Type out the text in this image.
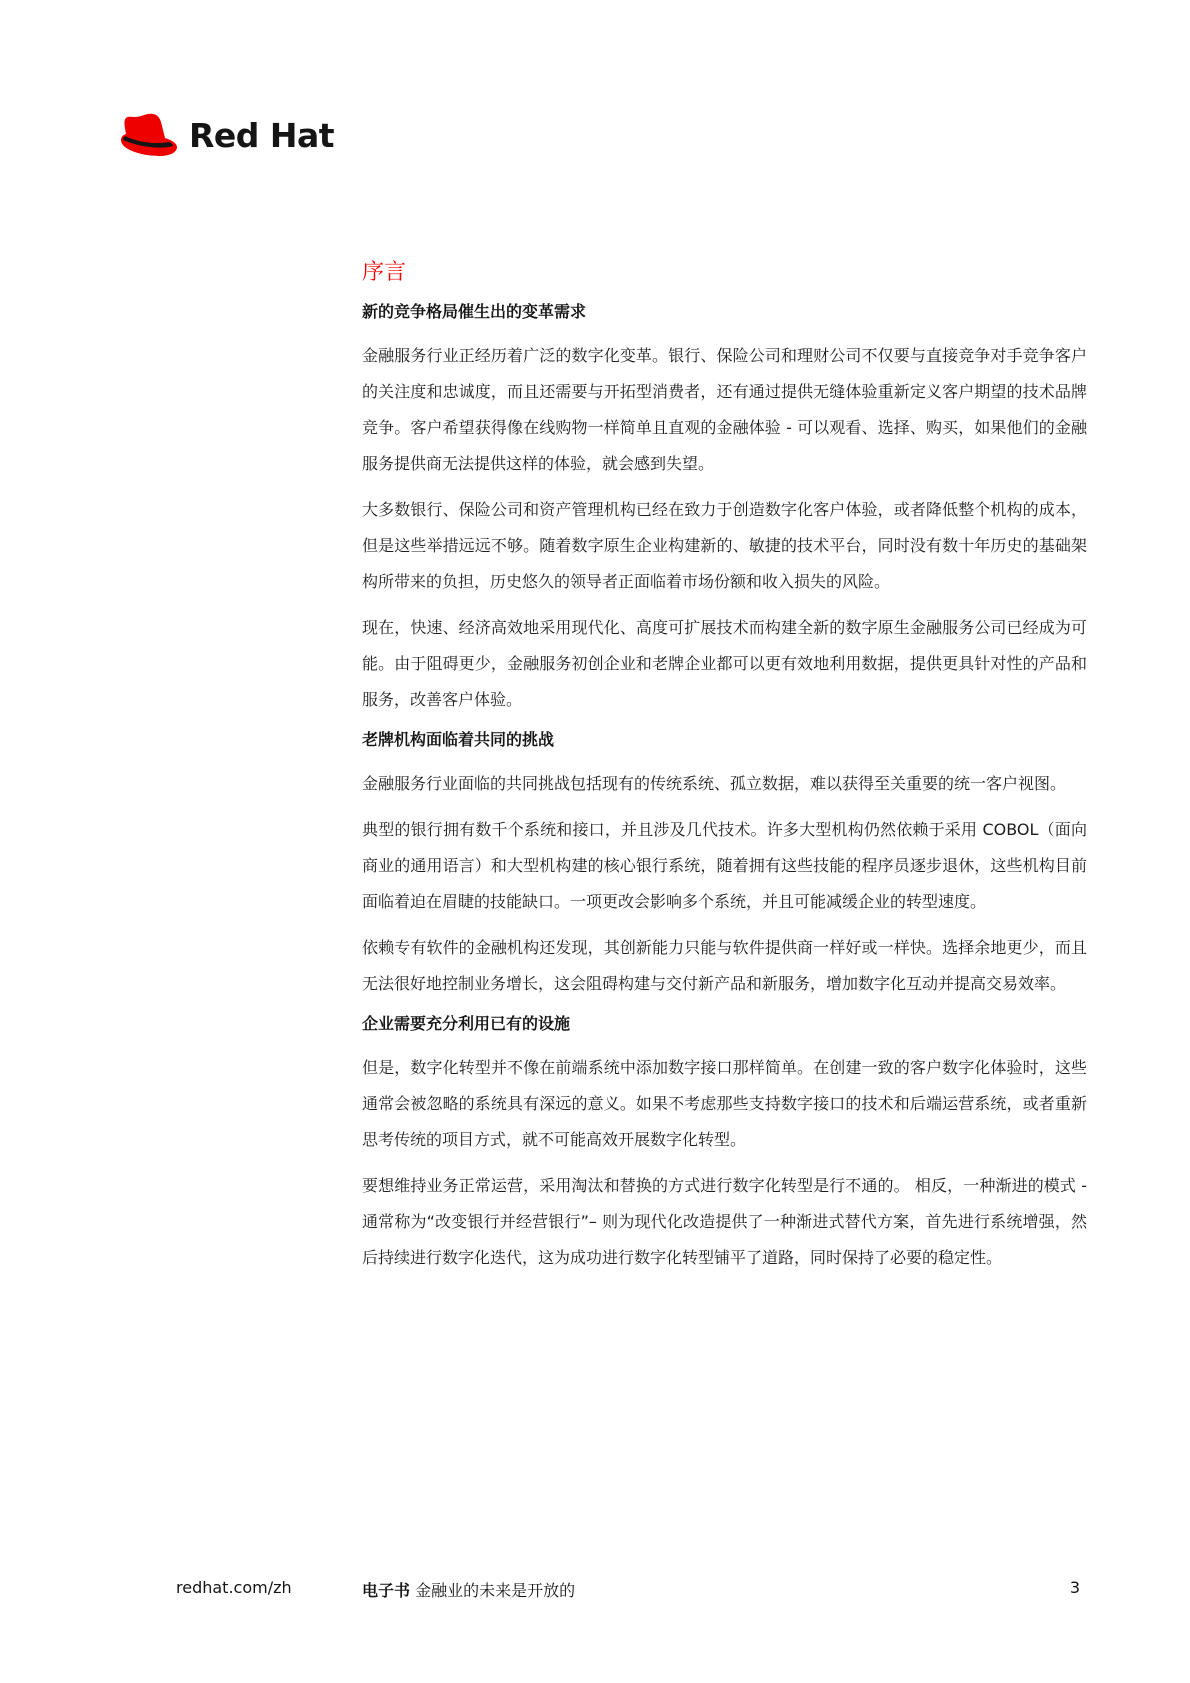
Red Hat
序言
新的竞争格局催生出的变革需求

金融服务行业正经历着广泛的数字化变革。银行、保险公司和理财公司不仅要与直接竞争对手竞争客户的关注度和忠诚度，而且还需要与开拓型消费者，还有通过提供无缝体验重新定义客户期望的技术品牌竞争。客户希望获得像在线购物一样简单且直观的金融体验 - 可以观看、选择、购买，如果他们的金融服务提供商无法提供这样的体验，就会感到失望。

大多数银行、保险公司和资产管理机构已经在致力于创造数字化客户体验，或者降低整个机构的成本，但是这些举措远远不够。随着数字原生企业构建新的、敏捷的技术平台，同时没有数十年历史的基础架构所带来的负担，历史悠久的领导者正面临着市场份额和收入损失的风险。

现在，快速、经济高效地采用现代化、高度可扩展技术而构建全新的数字原生金融服务公司已经成为可能。由于阻碍更少，金融服务初创企业和老牌企业都可以更有效地利用数据，提供更具针对性的产品和服务，改善客户体验。

老牌机构面临着共同的挑战

金融服务行业面临的共同挑战包括现有的传统系统、孤立数据，难以获得至关重要的统一客户视图。

典型的银行拥有数千个系统和接口，并且涉及几代技术。许多大型机构仍然依赖于采用 COBOL（面向商业的通用语言）和大型机构建的核心银行系统，随着拥有这些技能的程序员逐步退休，这些机构目前面临着迫在眉睫的技能缺口。一项更改会影响多个系统，并且可能减缓企业的转型速度。

依赖专有软件的金融机构还发现，其创新能力只能与软件提供商一样好或一样快。选择余地更少，而且无法很好地控制业务增长，这会阻碍构建与交付新产品和新服务，增加数字化互动并提高交易效率。

企业需要充分利用已有的设施

但是，数字化转型并不像在前端系统中添加数字接口那样简单。在创建一致的客户数字化体验时，这些通常会被忽略的系统具有深远的意义。如果不考虑那些支持数字接口的技术和后端运营系统，或者重新思考传统的项目方式，就不可能高效开展数字化转型。

要想维持业务正常运营，采用淘汰和替换的方式进行数字化转型是行不通的。 相反，一种渐进的模式 - 通常称为“改变银行并经营银行”– 则为现代化改造提供了一种渐进式替代方案，首先进行系统增强，然后持续进行数字化迭代，这为成功进行数字化转型铺平了道路，同时保持了必要的稳定性。

redhat.com/zh	电子书 金融业的未来是开放的	3
